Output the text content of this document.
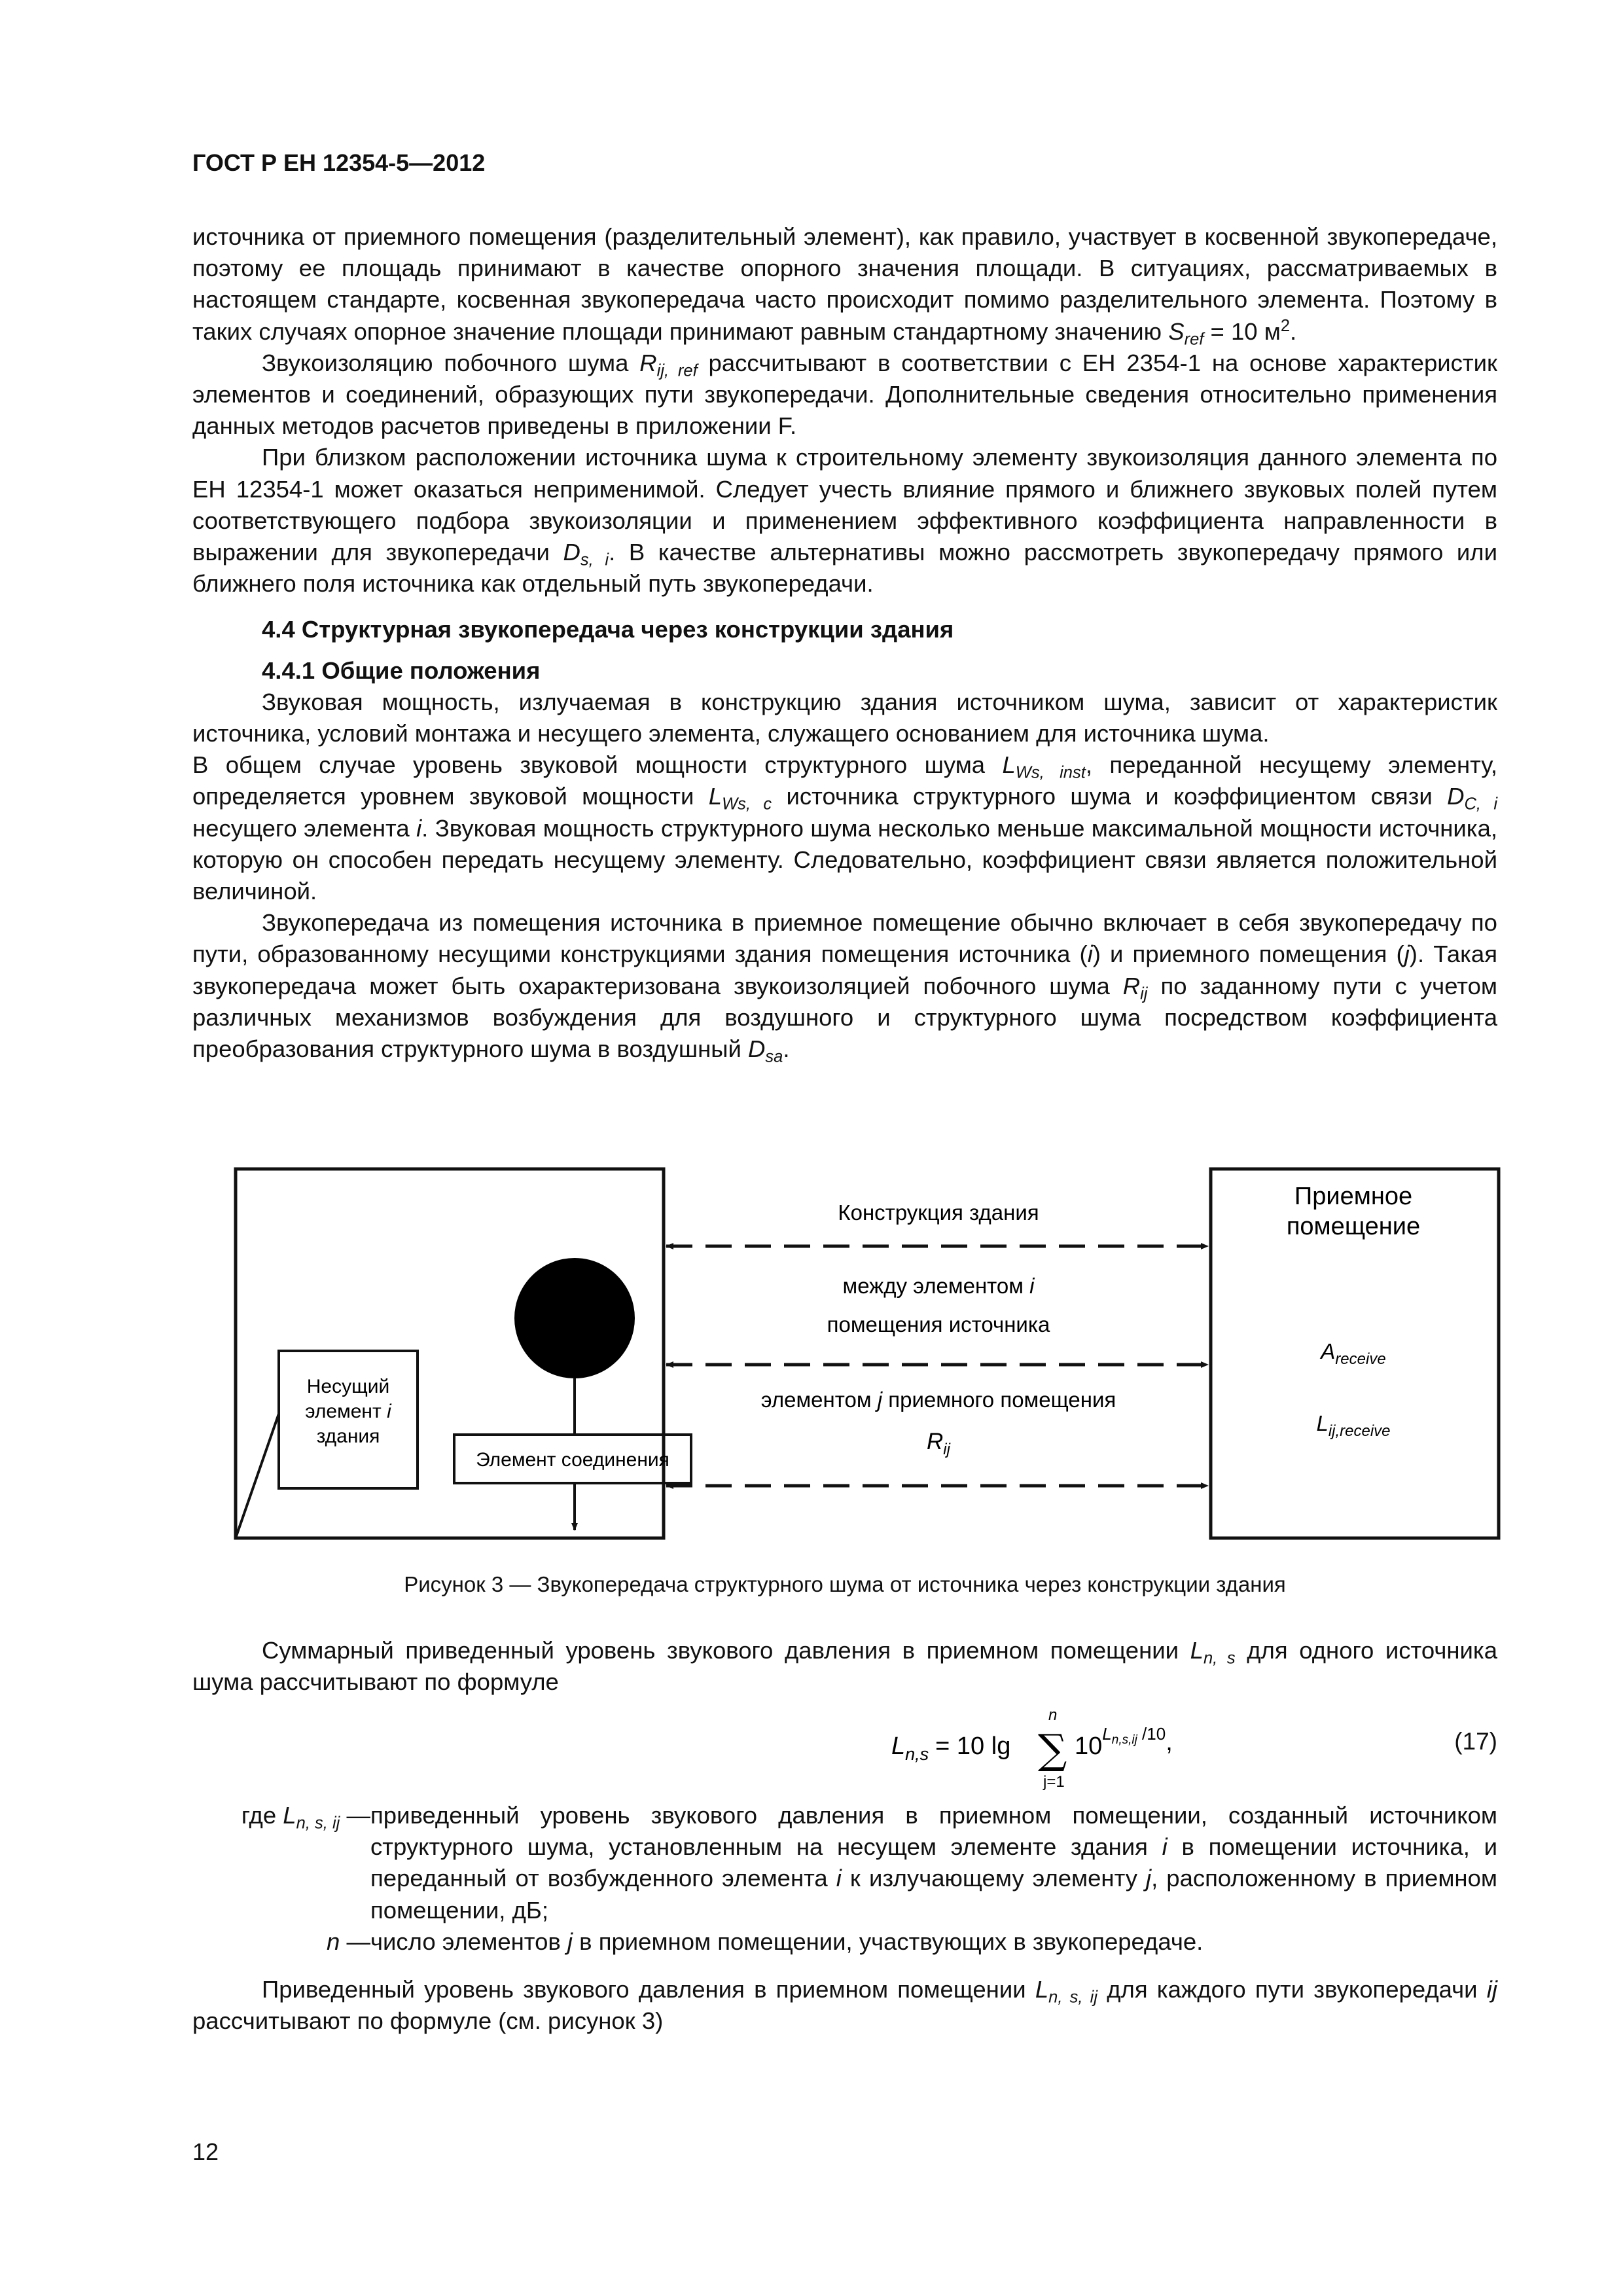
ГОСТ Р ЕН 12354-5—2012

источника от приемного помещения (разделительный элемент), как правило, участвует в косвенной звукопередаче, поэтому ее площадь принимают в качестве опорного значения площади. В ситуациях, рассматриваемых в настоящем стандарте, косвенная звукопередача часто происходит помимо разделительного элемента. Поэтому в таких случаях опорное значение площади принимают равным стандартному значению $S_{ref} = 10$ $м^2$.

Звукоизоляцию побочного шума $R_{ij, ref}$ рассчитывают в соответствии с ЕН 2354-1 на основе характеристик элементов и соединений, образующих пути звукопередачи. Дополнительные сведения относительно применения данных методов расчетов приведены в приложении F.

При близком расположении источника шума к строительному элементу звукоизоляция данного элемента по ЕН 12354-1 может оказаться неприменимой. Следует учесть влияние прямого и ближнего звуковых полей путем соответствующего подбора звукоизоляции и применением эффективного коэффициента направленности в выражении для звукопередачи $D_{s, i}$. В качестве альтернативы можно рассмотреть звукопередачу прямого или ближнего поля источника как отдельный путь звукопередачи.

4.4 Структурная звукопередача через конструкции здания

4.4.1 Общие положения

Звуковая мощность, излучаемая в конструкцию здания источником шума, зависит от характеристик источника, условий монтажа и несущего элемента, служащего основанием для источника шума.

В общем случае уровень звуковой мощности структурного шума $L_{Ws, inst}$, переданной несущему элементу, определяется уровнем звуковой мощности $L_{Ws, c}$ источника структурного шума и коэффициентом связи $D_{C, i}$ несущего элемента i. Звуковая мощность структурного шума несколько меньше максимальной мощности источника, которую он способен передать несущему элементу. Следовательно, коэффициент связи является положительной величиной.

Звукопередача из помещения источника в приемное помещение обычно включает в себя звукопередачу по пути, образованному несущими конструкциями здания помещения источника (i) и приемного помещения (j). Такая звукопередача может быть охарактеризована звукоизоляцией побочного шума $R_{ij}$ по заданному пути с учетом различных механизмов возбуждения для воздушного и структурного шума посредством коэффициента преобразования структурного шума в воздушный $D_{sa}$.

Конструкция здания
между элементом i
помещения источника
элементом j приемного помещения
$R_{ij}$
Приемное
помещение
$A_{receive}$
$L_{ij,receive}$
Несущий
элемент i
здания
Элемент соединения
Рисунок 3 — Звукопередача структурного шума от источника через конструкции здания

Суммарный приведенный уровень звукового давления в приемном помещении $L_{n, s}$ для одного источника шума рассчитывают по формуле

$L_{n,s} = 10$ lg ∑
n
j=1
$10^Ln,s,ij$ /10,	(17)
где $L_{n, s, ij}$ — приведенный уровень звукового давления в приемном помещении, созданный источником структурного шума, установленным на несущем элементе здания i в помещении источника, и переданный от возбужденного элемента i к излучающему элементу j, расположенному в приемном помещении, дБ;
n — число элементов j в приемном помещении, участвующих в звукопередаче.

Приведенный уровень звукового давления в приемном помещении $L_{n, s, ij}$ для каждого пути звукопередачи ij рассчитывают по формуле (см. рисунок 3)

12
